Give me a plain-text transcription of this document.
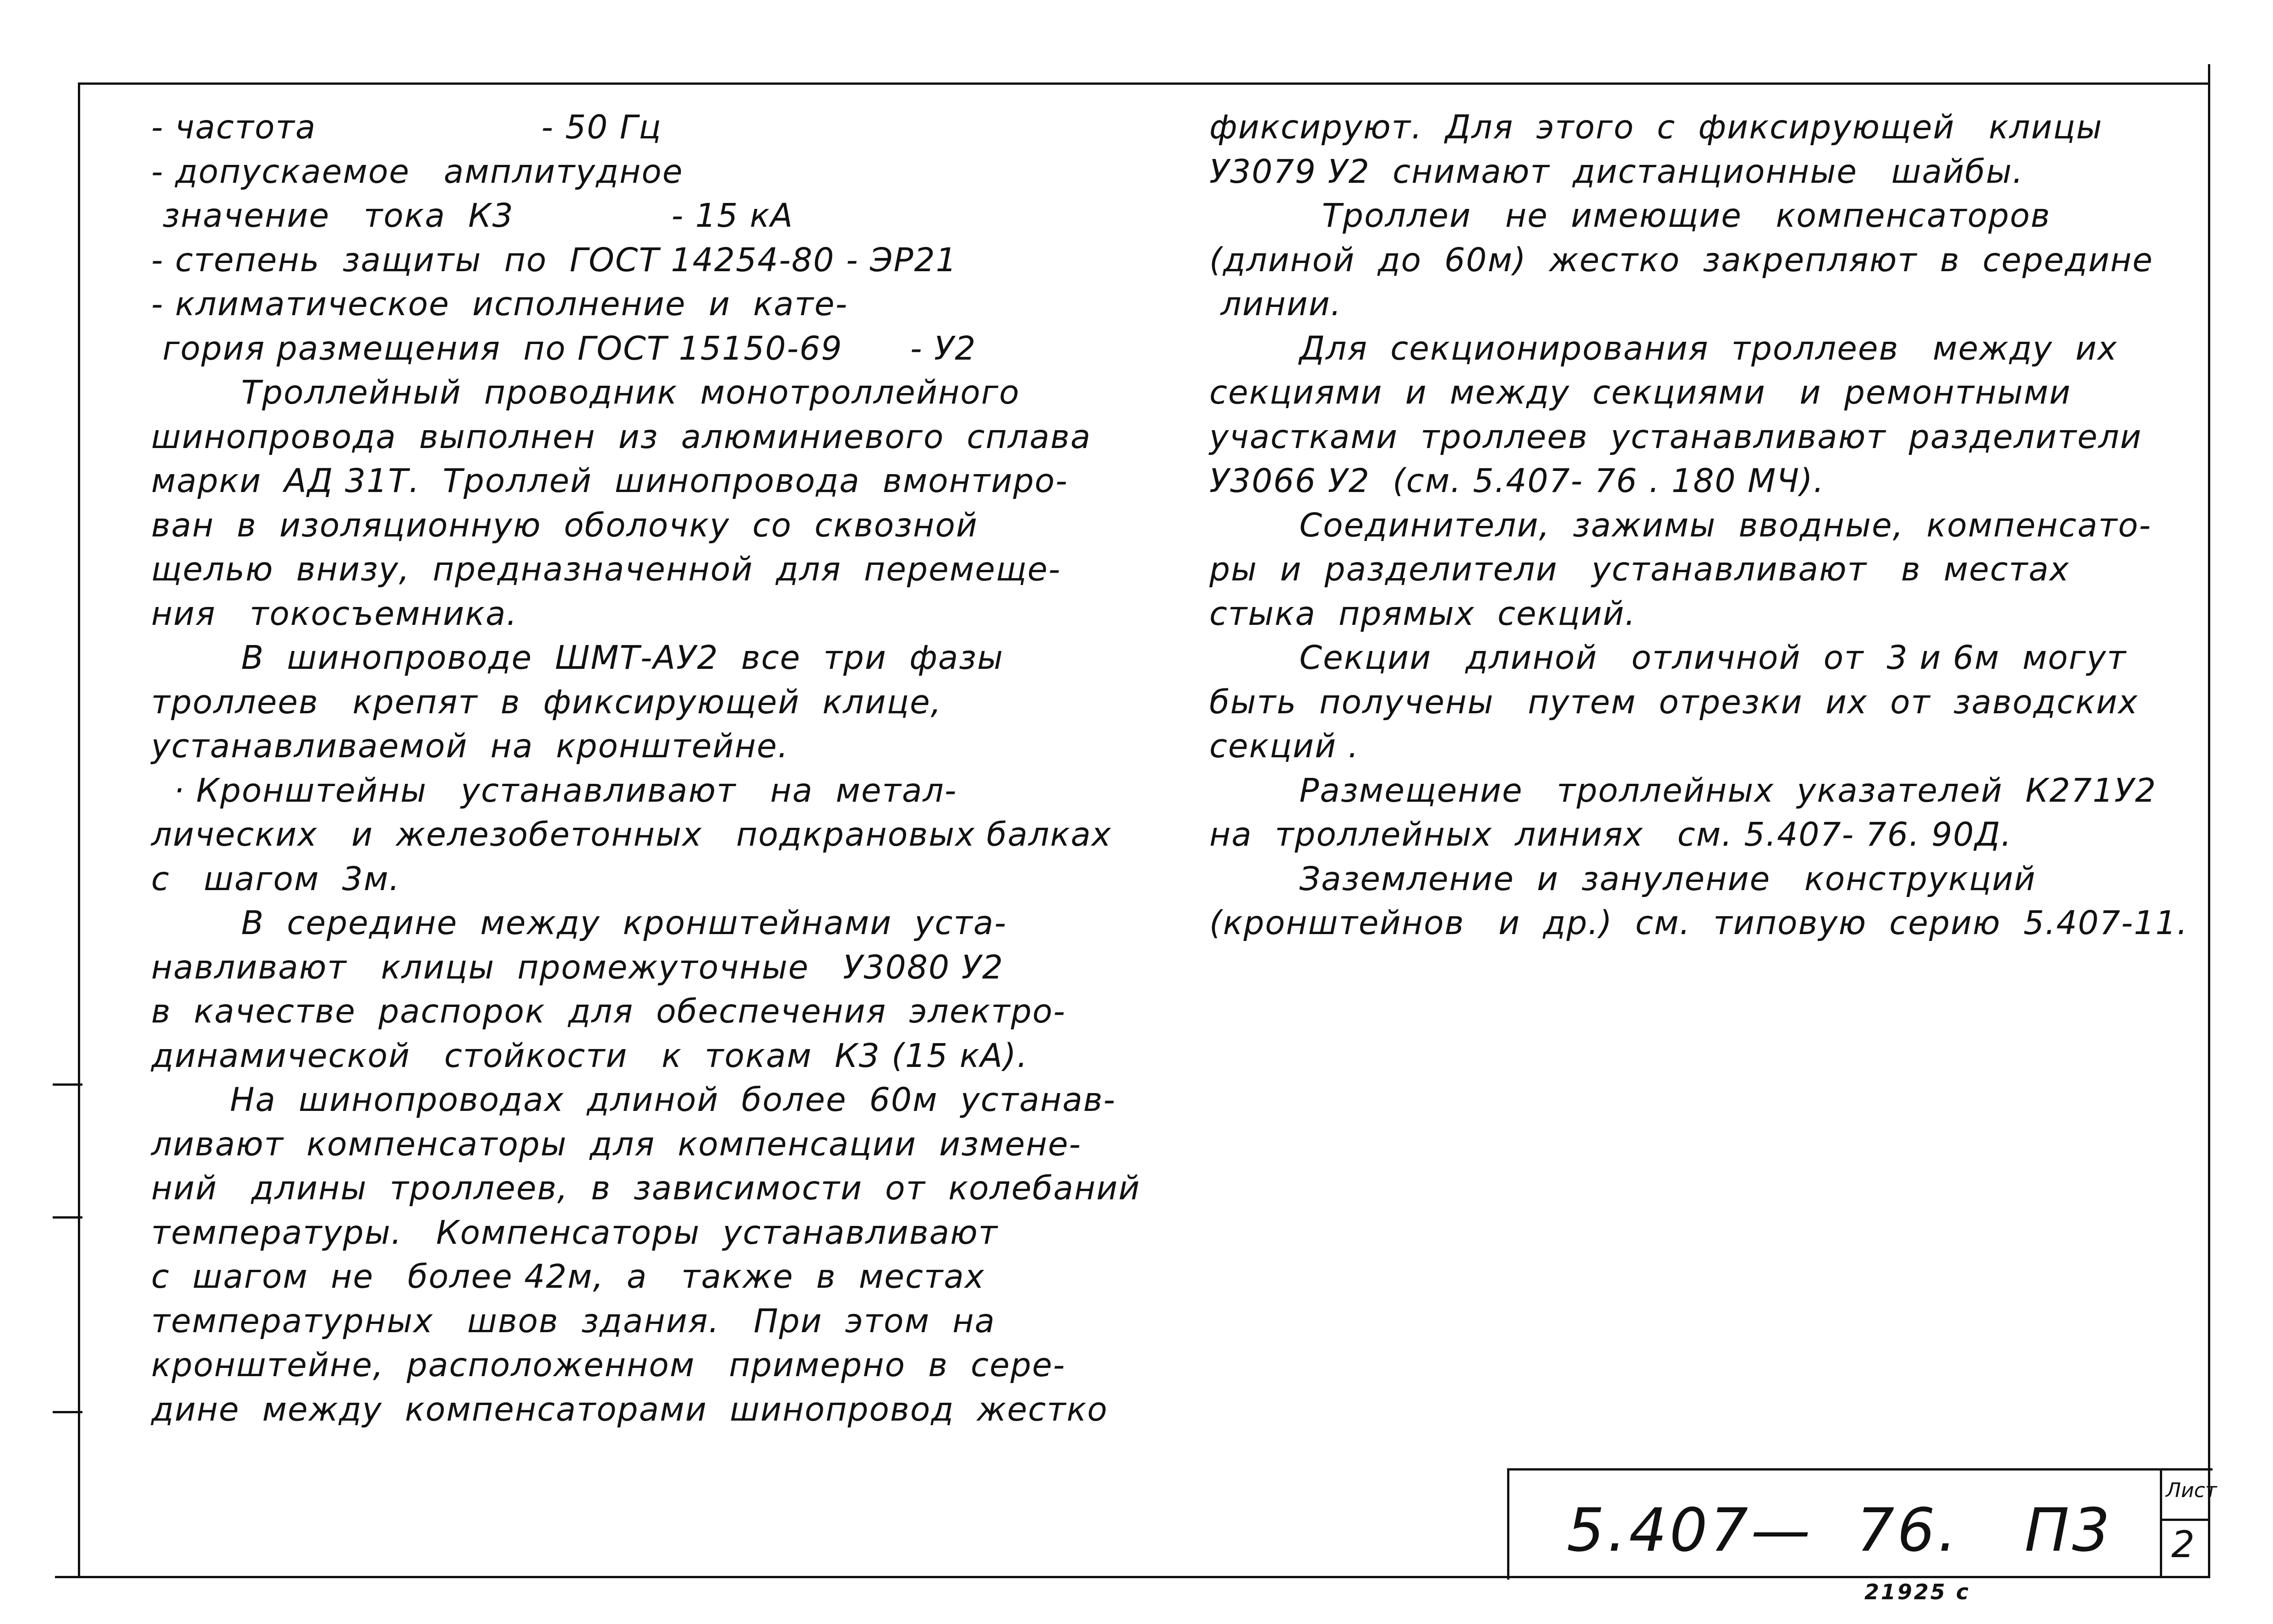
- частота                    - 50 Гц
- допускаемое   амплитудное
значение   тока  К3              - 15 кА
- степень  защиты  по  ГОСТ 14254-80 - ЭР21
- климатическое  исполнение  и  кате-
гория размещения  по ГОСТ 15150-69      - У2
Троллейный  проводник  монотроллейного
шинопровода  выполнен  из  алюминиевого  сплава
марки  АД 31Т.  Троллей  шинопровода  вмонтиро-
ван  в  изоляционную  оболочку  со  сквозной
щелью  внизу,  предназначенной  для  перемеще-
ния   токосъемника.
В  шинопроводе  ШМТ-АУ2  все  три  фазы
троллеев   крепят  в  фиксирующей  клице,
устанавливаемой  на  кронштейне.
· Кронштейны   устанавливают   на  метал-
лических   и  железобетонных   подкрановых балках
с   шагом  3м.
В  середине  между  кронштейнами  уста-
навливают   клицы  промежуточные   У3080 У2
в  качестве  распорок  для  обеспечения  электро-
динамической   стойкости   к  токам  К3 (15 кА).
На  шинопроводах  длиной  более  60м  устанав-
ливают  компенсаторы  для  компенсации  измене-
ний   длины  троллеев,  в  зависимости  от  колебаний
температуры.   Компенсаторы  устанавливают
с  шагом  не   более 42м,  а   также  в  местах
температурных   швов  здания.   При  этом  на
кронштейне,  расположенном   примерно  в  сере-
дине  между  компенсаторами  шинопровод  жестко
фиксируют.  Для  этого  с  фиксирующей   клицы
У3079 У2  снимают  дистанционные   шайбы.
Троллеи   не  имеющие   компенсаторов
(длиной  до  60м)  жестко  закрепляют  в  середине
линии.
Для  секционирования  троллеев   между  их
секциями  и  между  секциями   и  ремонтными
участками  троллеев  устанавливают  разделители
У3066 У2  (см. 5.407- 76 . 180 МЧ).
Соединители,  зажимы  вводные,  компенсато-
ры  и  разделители   устанавливают   в  местах
стыка  прямых  секций.
Секции   длиной   отличной  от  3 и 6м  могут
быть  получены   путем  отрезки  их  от  заводских
секций .
Размещение   троллейных  указателей  К271У2
на  троллейных  линиях   см. 5.407- 76. 90Д.
Заземление  и  зануление   конструкций
(кронштейнов   и  др.)  см.  типовую  серию  5.407-11.
5.407—  76.   П3
Лист
2
21925 с
